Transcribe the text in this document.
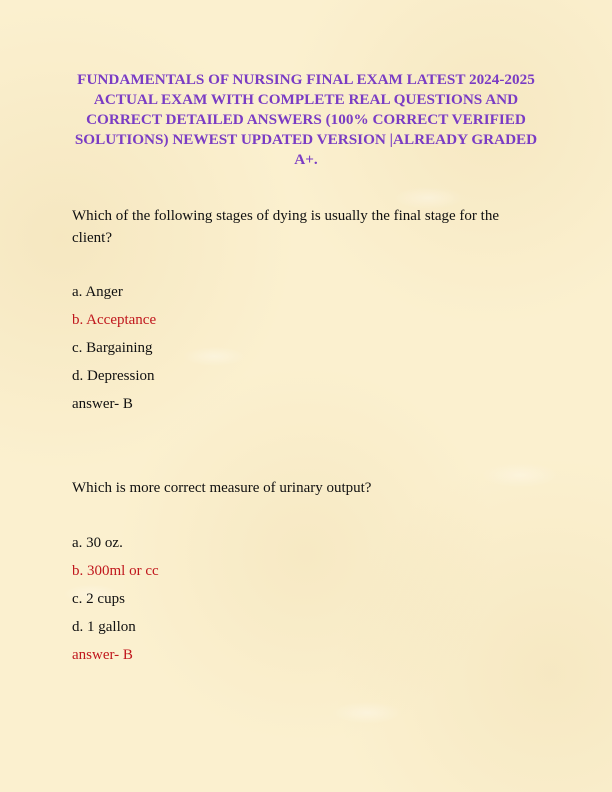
FUNDAMENTALS OF NURSING FINAL EXAM LATEST 2024-2025 ACTUAL EXAM WITH COMPLETE REAL QUESTIONS AND CORRECT DETAILED ANSWERS (100% CORRECT VERIFIED SOLUTIONS) NEWEST UPDATED VERSION |ALREADY GRADED A+.
Which of the following stages of dying is usually the final stage for the client?
a. Anger
b. Acceptance
c. Bargaining
d. Depression
answer- B
Which is more correct measure of urinary output?
a. 30 oz.
b. 300ml or cc
c. 2 cups
d. 1 gallon
answer- B
